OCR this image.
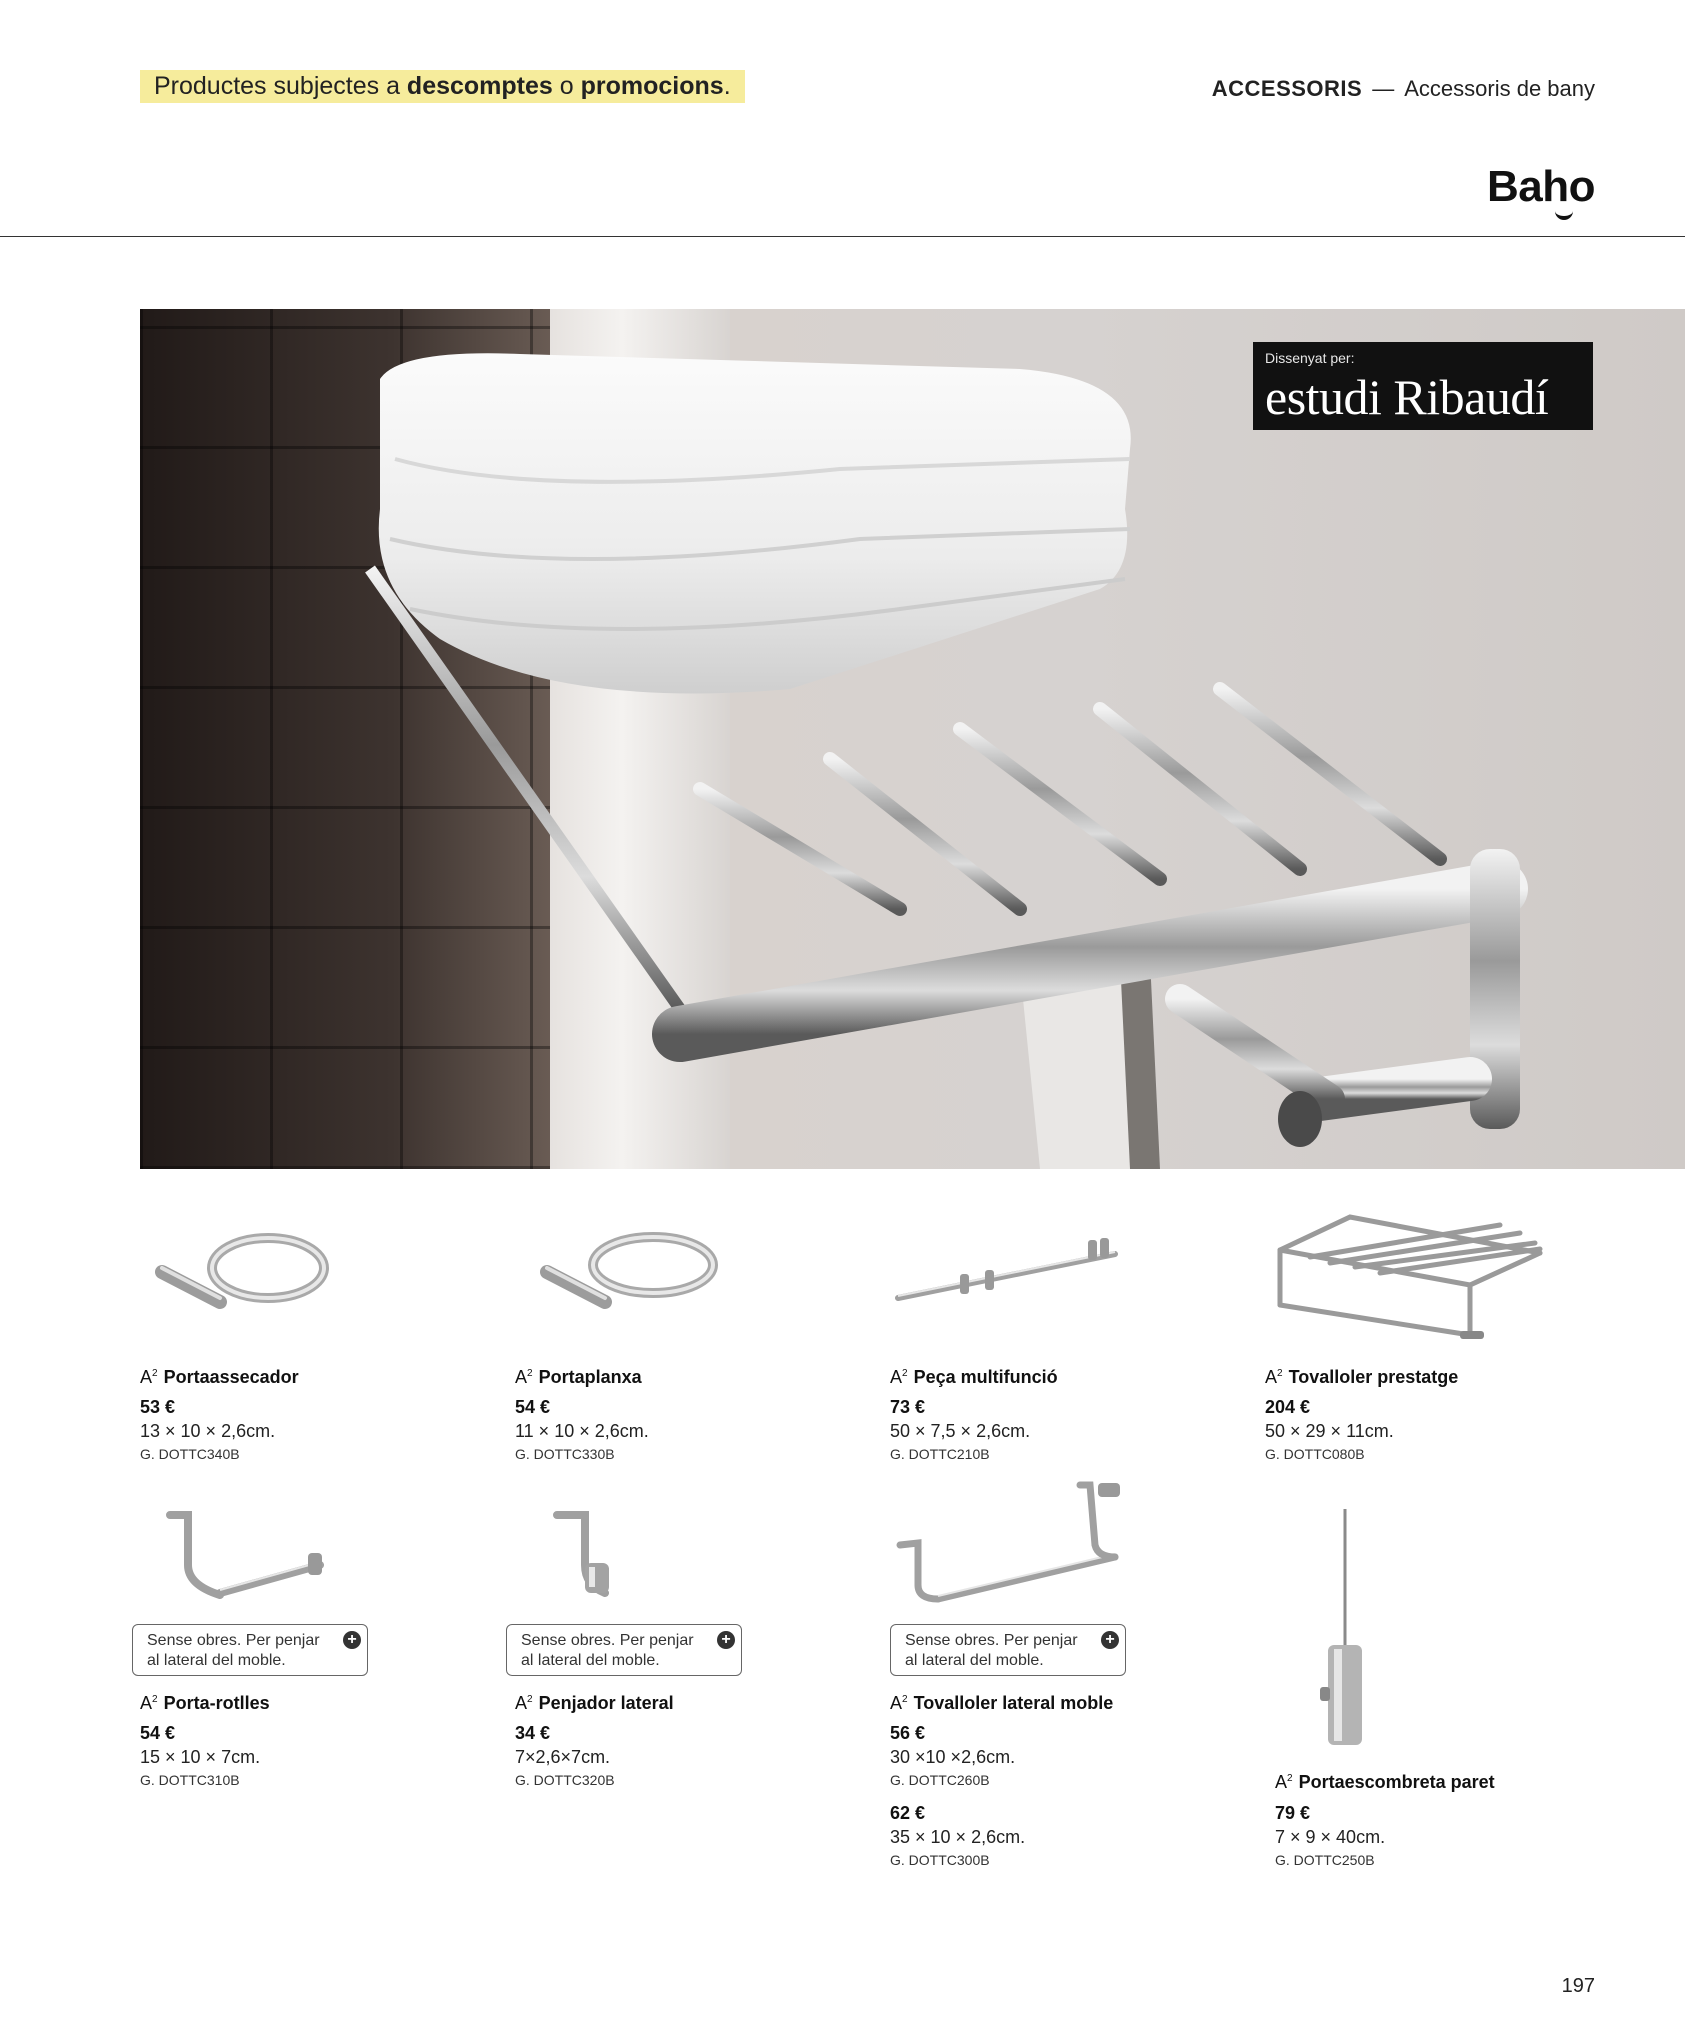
Productes subjectes a descomptes o promocions.	ACCESSORIS — Accessoris de bany
Baho
Dissenyat per:
estudi Ribaudí
$A^2$ Portaassecador
53 €
13 × 10 × 2,6cm.
G. DOTTC340B
$A^2$ Portaplanxa
54 €
11 × 10 × 2,6cm.
G. DOTTC330B
$A^2$ Peça multifunció
73 €
50 × 7,5 × 2,6cm.
G. DOTTC210B
$A^2$ Tovalloler prestatge
204 €
50 × 29 × 11cm.
G. DOTTC080B
Sense obres. Per penjar
al lateral del moble.
+	Sense obres. Per penjar
al lateral del moble.
+	Sense obres. Per penjar
al lateral del moble.
+
$A^2$ Porta-rotlles
54 €
15 × 10 × 7cm.
G. DOTTC310B
$A^2$ Penjador lateral
34 €
7×2,6×7cm.
G. DOTTC320B
$A^2$ Tovalloler lateral moble
56 €
30 ×10 ×2,6cm.
G. DOTTC260B
62 €
35 × 10 × 2,6cm.
G. DOTTC300B
$A^2$ Portaescombreta paret
79 €
7 × 9 × 40cm.
G. DOTTC250B
197
